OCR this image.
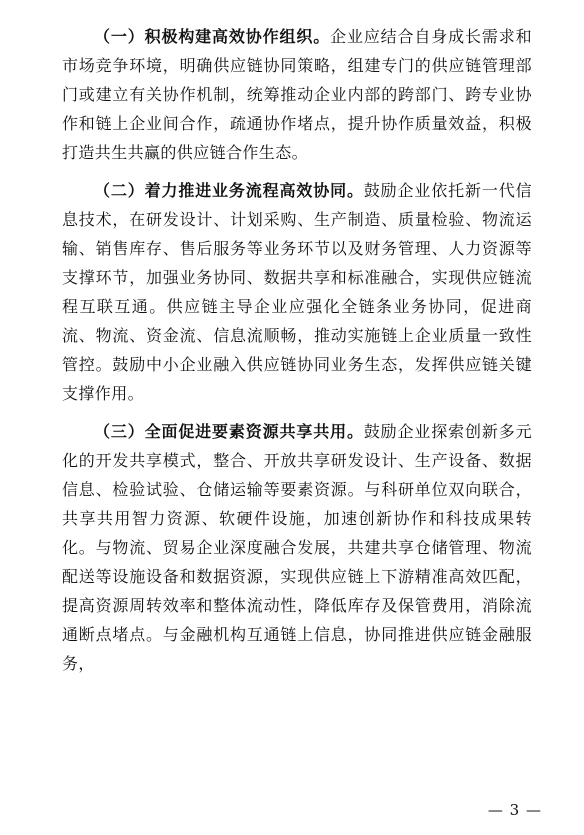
（一）积极构建高效协作组织。企业应结合自身成长需求和市场竞争环境，明确供应链协同策略，组建专门的供应链管理部门或建立有关协作机制，统筹推动企业内部的跨部门、跨专业协作和链上企业间合作，疏通协作堵点，提升协作质量效益，积极打造共生共赢的供应链合作生态。

（二）着力推进业务流程高效协同。鼓励企业依托新一代信息技术，在研发设计、计划采购、生产制造、质量检验、物流运输、销售库存、售后服务等业务环节以及财务管理、人力资源等支撑环节，加强业务协同、数据共享和标准融合，实现供应链流程互联互通。供应链主导企业应强化全链条业务协同，促进商流、物流、资金流、信息流顺畅，推动实施链上企业质量一致性管控。鼓励中小企业融入供应链协同业务生态，发挥供应链关键支撑作用。

（三）全面促进要素资源共享共用。鼓励企业探索创新多元化的开发共享模式，整合、开放共享研发设计、生产设备、数据信息、检验试验、仓储运输等要素资源。与科研单位双向联合，共享共用智力资源、软硬件设施，加速创新协作和科技成果转化。与物流、贸易企业深度融合发展，共建共享仓储管理、物流配送等设施设备和数据资源，实现供应链上下游精准高效匹配，提高资源周转效率和整体流动性，降低库存及保管费用，消除流通断点堵点。与金融机构互通链上信息，协同推进供应链金融服务，

— 3 —
